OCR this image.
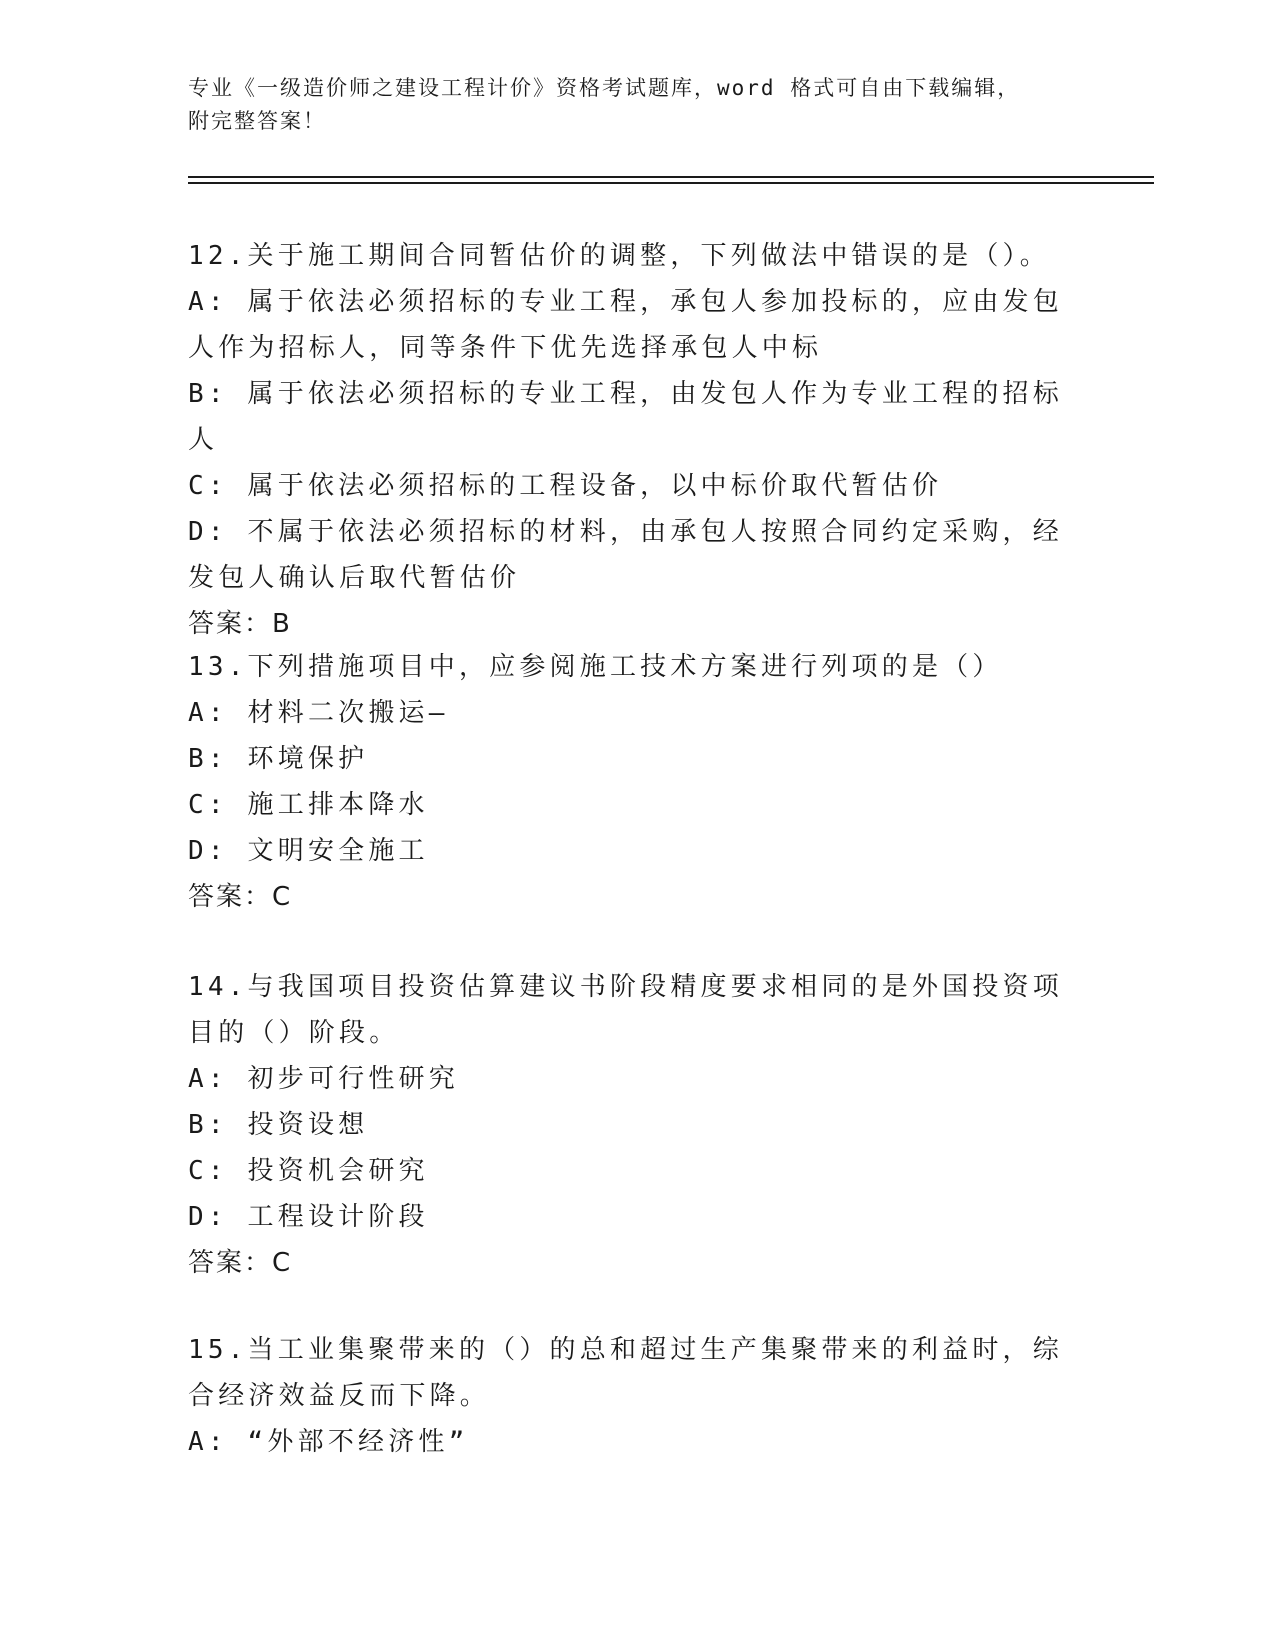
专业《一级造价师之建设工程计价》资格考试题库，word 格式可自由下载编辑，
附完整答案！
12.关于施工期间合同暂估价的调整，下列做法中错误的是（）。
A: 属于依法必须招标的专业工程，承包人参加投标的，应由发包人作为招标人，同等条件下优先选择承包人中标
B: 属于依法必须招标的专业工程，由发包人作为专业工程的招标人
C: 属于依法必须招标的工程设备，以中标价取代暂估价
D: 不属于依法必须招标的材料，由承包人按照合同约定采购，经发包人确认后取代暂估价
答案：B
13.下列措施项目中，应参阅施工技术方案进行列项的是（）
A: 材料二次搬运—
B: 环境保护
C: 施工排本降水
D: 文明安全施工
答案：C
14.与我国项目投资估算建议书阶段精度要求相同的是外国投资项目的（）阶段。
A: 初步可行性研究
B: 投资设想
C: 投资机会研究
D: 工程设计阶段
答案：C
15.当工业集聚带来的（）的总和超过生产集聚带来的利益时，综合经济效益反而下降。
A: “外部不经济性”
